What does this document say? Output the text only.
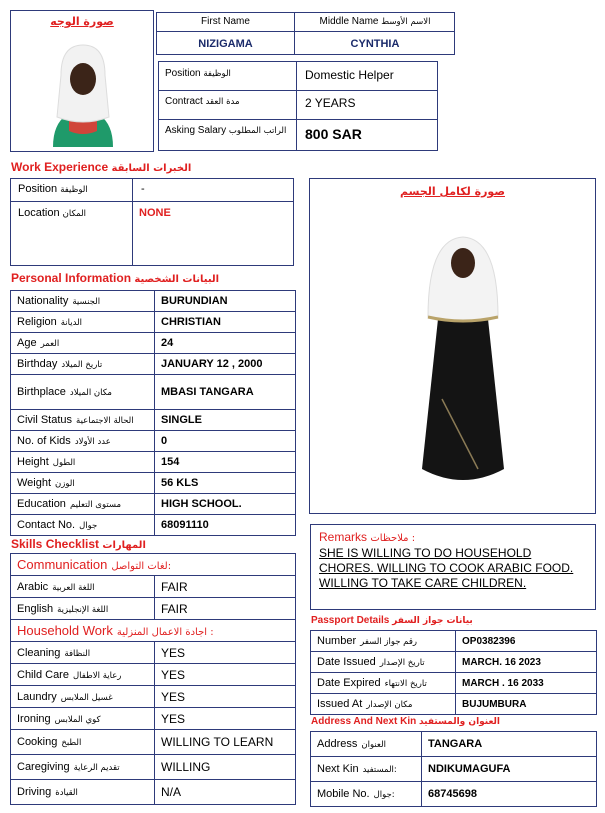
صورة الوجه	First Name	Middle Name الاسم الأوسط
NIZIGAMA	CYNTHIA
Position الوظيفة	Domestic Helper
Contract مدة العقد	2 YEARS
Asking Salary الراتب المطلوب 800 SAR
Work Experience الخبرات السابقة
Position الوظيفة	-
Location المكان	NONE
صورة لكامل الجسم
Personal Information البيانات الشخصية
Nationality الجنسية	BURUNDIAN
Religion الديانة	CHRISTIAN
Age العمر	24
Birthday تاريخ الميلاد	JANUARY 12 , 2000
Birthplace مكان الميلاد	MBASI TANGARA
Civil Status الحالة الاجتماعية	SINGLE
No. of Kids عدد الأولاد	0
Height الطول	154
Weight الوزن	56 KLS
Education مستوى التعليم	HIGH SCHOOL.
Contact No. جوال	68091110
Skills Checklist المهارات
Communication لغات التواصل:	
Arabic اللغة العربية	FAIR
English اللغة الإنجليزية	FAIR
Household Work اجادة الاعمال المنزلية :	
Cleaning النظافة	YES
Child Care رعاية الاطفال	YES
Laundry غسيل الملابس	YES
Ironing كوي الملابس	YES
Cooking الطبخ	WILLING TO LEARN
Caregiving تقديم الرعاية	WILLING
Driving القيادة	N/A
Remarks ملاحظات :
SHE IS WILLING TO DO HOUSEHOLD
CHORES. WILLING TO COOK ARABIC FOOD.
WILLING TO TAKE CARE CHILDREN.
Passport Details بيانات جواز السفر
Number رقم جواز السفر	OP0382396
Date Issued تاريخ الإصدار	MARCH. 16 2023
Date Expired تاريخ الانتهاء	MARCH . 16 2033
Issued At مكان الإصدار	BUJUMBURA
Address And Next Kin العنوان والمستفيد
Address العنوان	TANGARA
Next Kin المستفيد:	NDIKUMAGUFA
Mobile No. جوال:	68745698
